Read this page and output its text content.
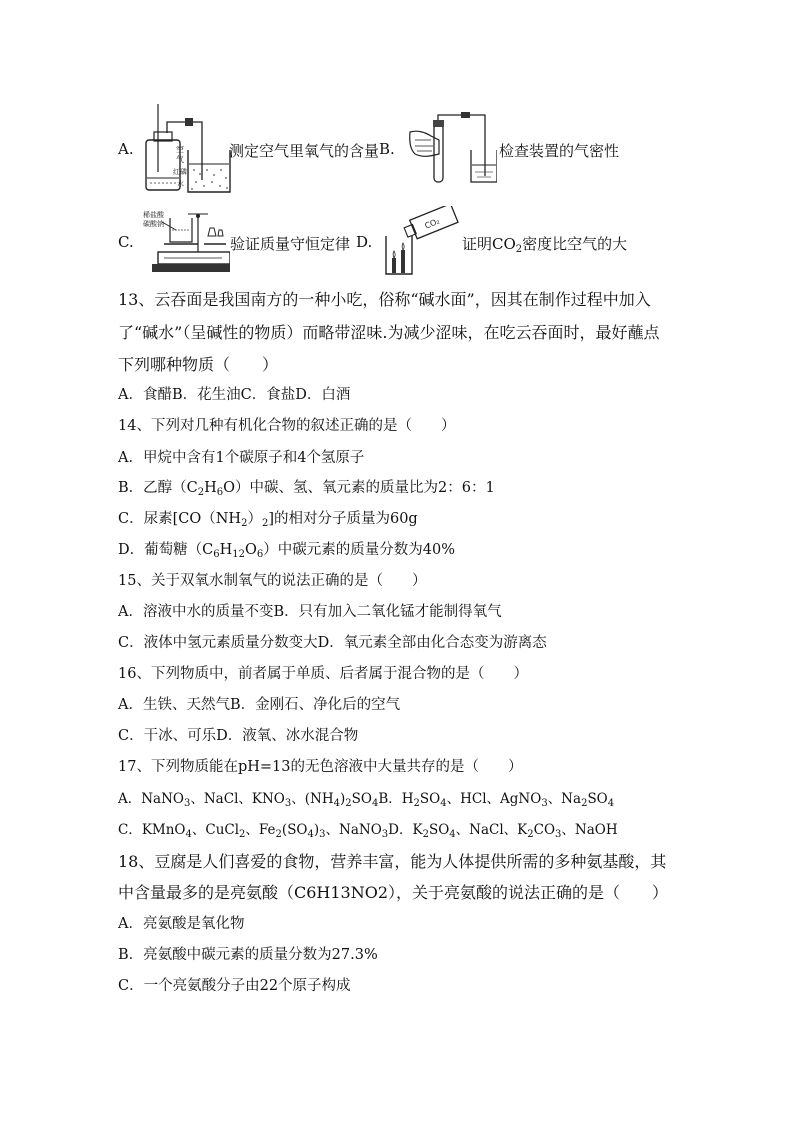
A.	空
气
红磷
水
测定空气里氧气的含量 B.	检查装置的气密性
C.
稀盐酸
碳酸钠
验证质量守恒定律 D.
CO₂
证明$CO_2$密度比空气的大
13、云吞面是我国南方的一种小吃，俗称“碱水面”，因其在制作过程中加入
了“碱水”（呈碱性的物质）而略带涩味.为减少涩味，在吃云吞面时，最好蘸点
下列哪种物质（　　）
A．食醋B．花生油C．食盐D．白酒
14、下列对几种有机化合物的叙述正确的是（　　）
A．甲烷中含有1个碳原子和4个氢原子
B．乙醇$(C_2H_6O)$中碳、氢、氧元素的质量比为2：6：1
C．尿素$[CO(NH_2)_2]$的相对分子质量为60g
D．葡萄糖$(C_6H_{12}O_6)$中碳元素的质量分数为40%
15、关于双氧水制氧气的说法正确的是（　　）
A．溶液中水的质量不变B．只有加入二氧化锰才能制得氧气
C．液体中氢元素质量分数变大D．氧元素全部由化合态变为游离态
16、下列物质中，前者属于单质、后者属于混合物的是（　　）
A．生铁、天然气B．金刚石、净化后的空气
C．干冰、可乐D．液氧、冰水混合物
17、下列物质能在pH=13的无色溶液中大量共存的是（　　）
A．NaNO$_3$、NaCl、$KNO_3$、$(NH_4)_2SO_4B$．$H_2SO_4$、HCl、AgNO$_3$、$Na_2SO_4$
C．KMnO$_4$、CuCl$_2$、$Fe_2(SO_4)_3$、NaNO$_3$D．$K_2SO_4$、NaCl、$K_2CO_3$、NaOH
18、豆腐是人们喜爱的食物，营养丰富，能为人体提供所需的多种氨基酸，其
中含量最多的是亮氨酸（C6H13NO2），关于亮氨酸的说法正确的是（　　）
A．亮氨酸是氧化物
B．亮氨酸中碳元素的质量分数为27.3%
C．一个亮氨酸分子由22个原子构成
